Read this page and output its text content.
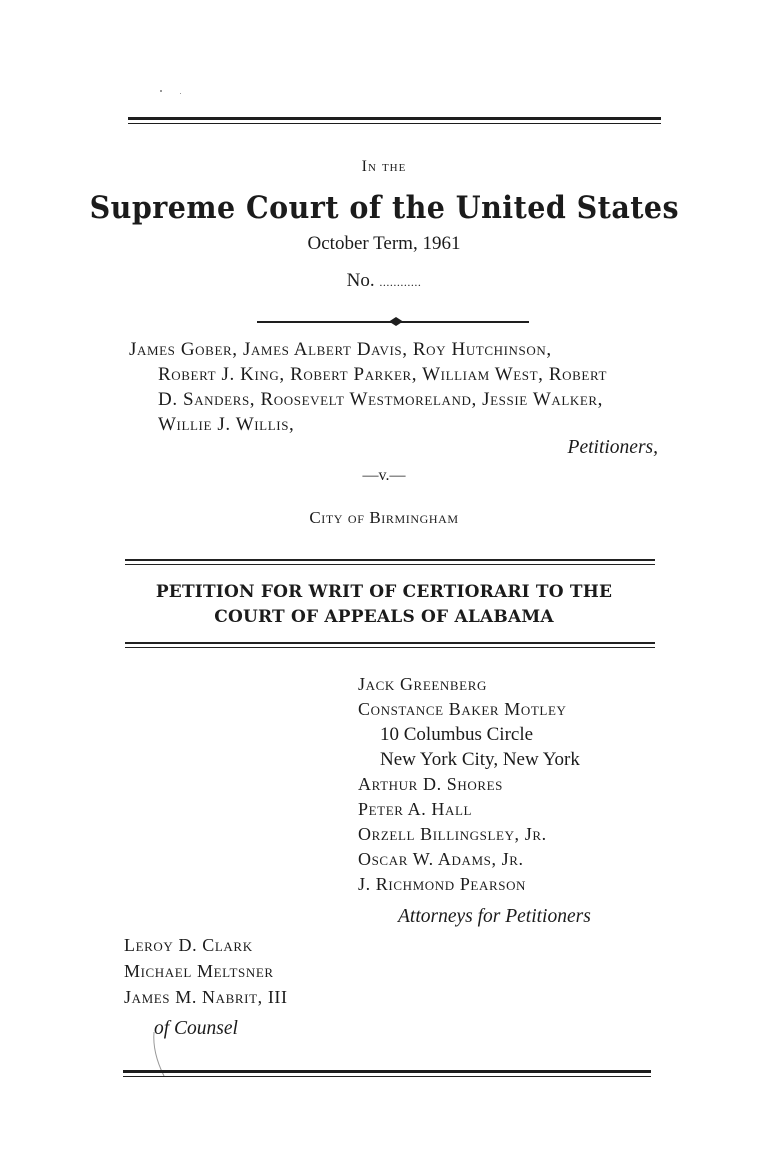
In the
Supreme Court of the United States
October Term, 1961
No. ............
James Gober, James Albert Davis, Roy Hutchinson,
Robert J. King, Robert Parker, William West, Robert
D. Sanders, Roosevelt Westmoreland, Jessie Walker,
Willie J. Willis,
Petitioners,
—v.—
City of Birmingham
PETITION FOR WRIT OF CERTIORARI TO THE
COURT OF APPEALS OF ALABAMA
Jack Greenberg
Constance Baker Motley
10 Columbus Circle
New York City, New York
Arthur D. Shores
Peter A. Hall
Orzell Billingsley, Jr.
Oscar W. Adams, Jr.
J. Richmond Pearson
Attorneys for Petitioners
Leroy D. Clark
Michael Meltsner
James M. Nabrit, III
of Counsel
